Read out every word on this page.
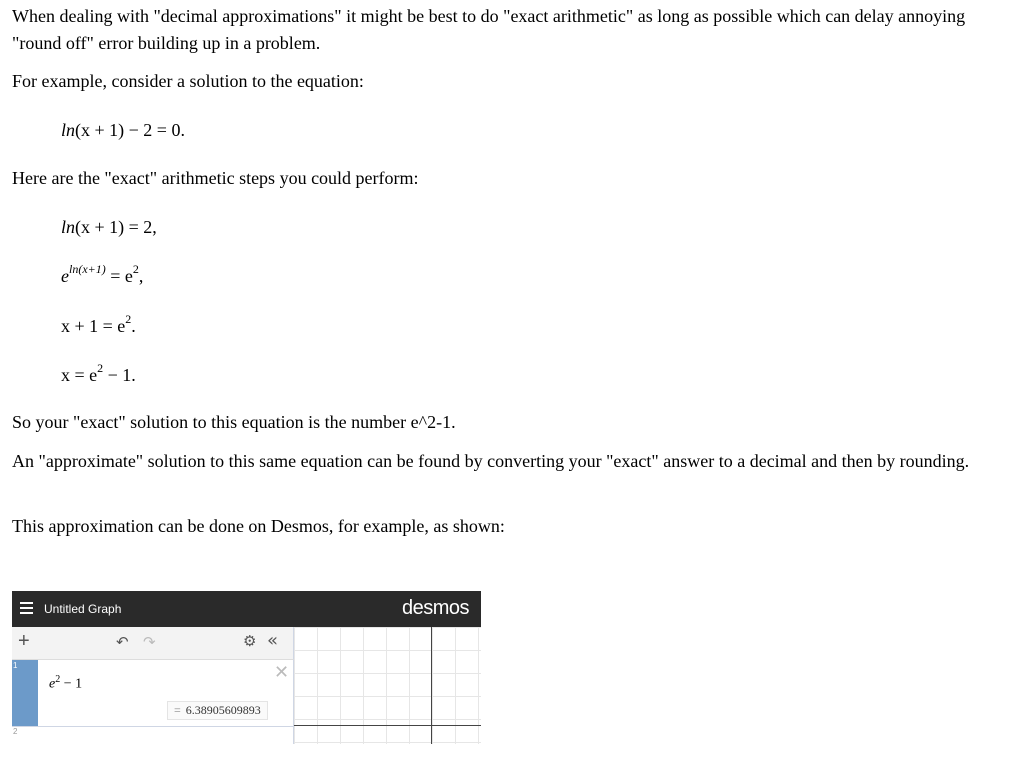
When dealing with "decimal approximations" it might be best to do "exact arithmetic" as long as possible which can delay annoying "round off" error building up in a problem.

For example, consider a solution to the equation:

ln(x + 1) − 2 = 0.

Here are the "exact" arithmetic steps you could perform:

ln(x + 1) = 2,
$e^{ln(x+1)} = e^2$,
$x + 1 = e^2$.
$x = e^2 - 1$.

So your "exact" solution to this equation is the number e^2-1.

An "approximate" solution to this same equation can be found by converting your "exact" answer to a decimal and then by rounding.

This approximation can be done on Desmos, for example, as shown:

Untitled Graph	desmos
+	↶ ↷	⚙ «
1
$e^2 - 1$
✕
= 6.38905609893
2
